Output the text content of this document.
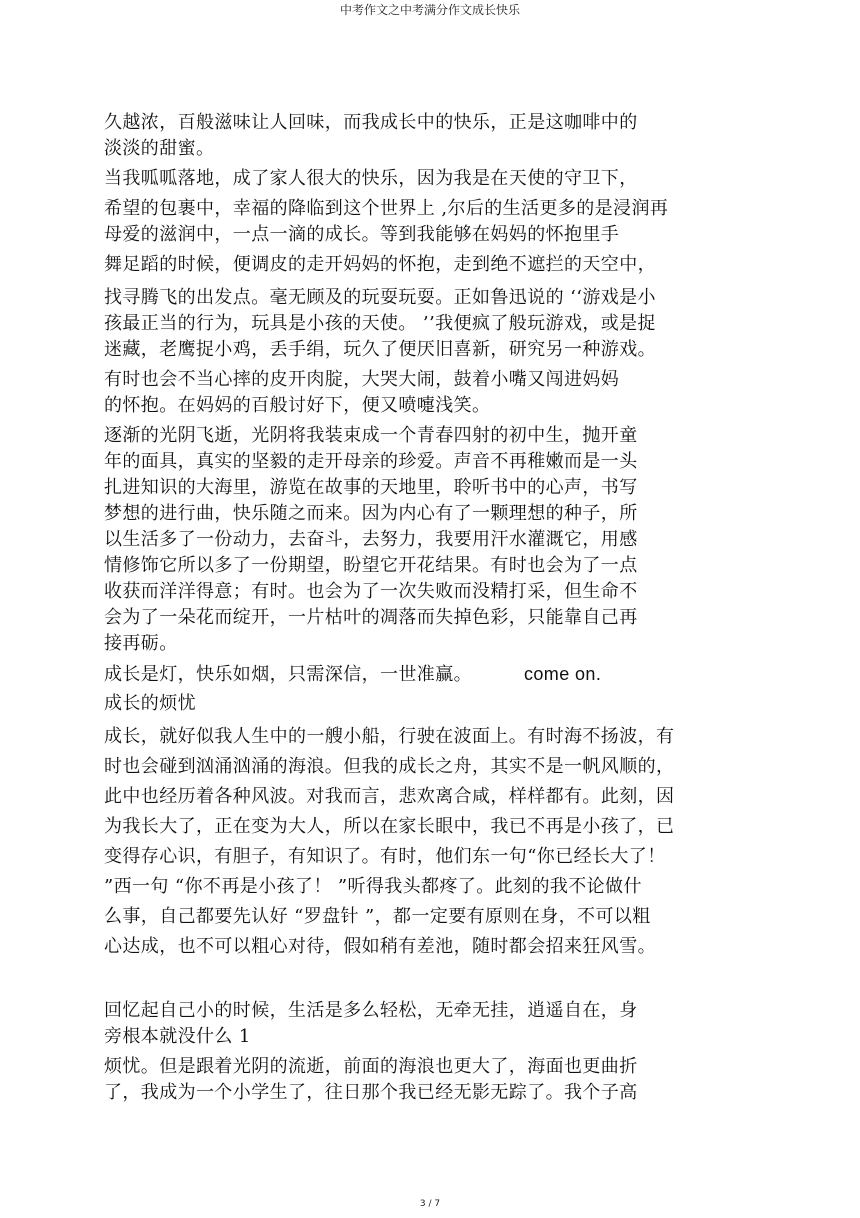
中考作文之中考满分作文成长快乐
久越浓，百般滋味让人回味，而我成长中的快乐，正是这咖啡中的
淡淡的甜蜜。
当我呱呱落地，成了家人很大的快乐，因为我是在天使的守卫下，
希望的包裹中，幸福的降临到这个世界上 ,尔后的生活更多的是浸润再
母爱的滋润中，一点一滴的成长。等到我能够在妈妈的怀抱里手
舞足蹈的时候，便调皮的走开妈妈的怀抱，走到绝不遮拦的天空中，
找寻腾飞的出发点。毫无顾及的玩耍玩耍。正如鲁迅说的 ‘‘游戏是小
孩最正当的行为，玩具是小孩的天使。 ’’我便疯了般玩游戏，或是捉
迷藏，老鹰捉小鸡，丢手绢，玩久了便厌旧喜新，研究另一种游戏。
有时也会不当心摔的皮开肉腚，大哭大闹，鼓着小嘴又闯进妈妈
的怀抱。在妈妈的百般讨好下，便又喷嚏浅笑。
逐渐的光阴飞逝，光阴将我装束成一个青春四射的初中生，抛开童
年的面具，真实的坚毅的走开母亲的珍爱。声音不再稚嫩而是一头
扎进知识的大海里，游览在故事的天地里，聆听书中的心声，书写
梦想的进行曲，快乐随之而来。因为内心有了一颗理想的种子，所
以生活多了一份动力，去奋斗，去努力，我要用汗水灌溉它，用感
情修饰它所以多了一份期望，盼望它开花结果。有时也会为了一点
收获而洋洋得意；有时。也会为了一次失败而没精打采，但生命不
会为了一朵花而绽开，一片枯叶的凋落而失掉色彩，只能靠自己再
接再砺。
成长是灯，快乐如烟，只需深信，一世准赢。	come on.
成长的烦忧
成长，就好似我人生中的一艘小船，行驶在波面上。有时海不扬波，有
时也会碰到汹涌汹涌的海浪。但我的成长之舟，其实不是一帆风顺的，
此中也经历着各种风波。对我而言，悲欢离合咸，样样都有。此刻，因
为我长大了，正在变为大人，所以在家长眼中，我已不再是小孩了，已
变得存心识，有胆子，有知识了。有时，他们东一句“你已经长大了！
”西一句 “你不再是小孩了！ ”听得我头都疼了。此刻的我不论做什
么事，自己都要先认好 “罗盘针 ”，都一定要有原则在身，不可以粗
心达成，也不可以粗心对待，假如稍有差池，随时都会招来狂风雪。
回忆起自己小的时候，生活是多么轻松，无牵无挂，逍遥自在，身
旁根本就没什么 1
烦忧。但是跟着光阴的流逝，前面的海浪也更大了，海面也更曲折
了，我成为一个小学生了，往日那个我已经无影无踪了。我个子高
3 / 7
